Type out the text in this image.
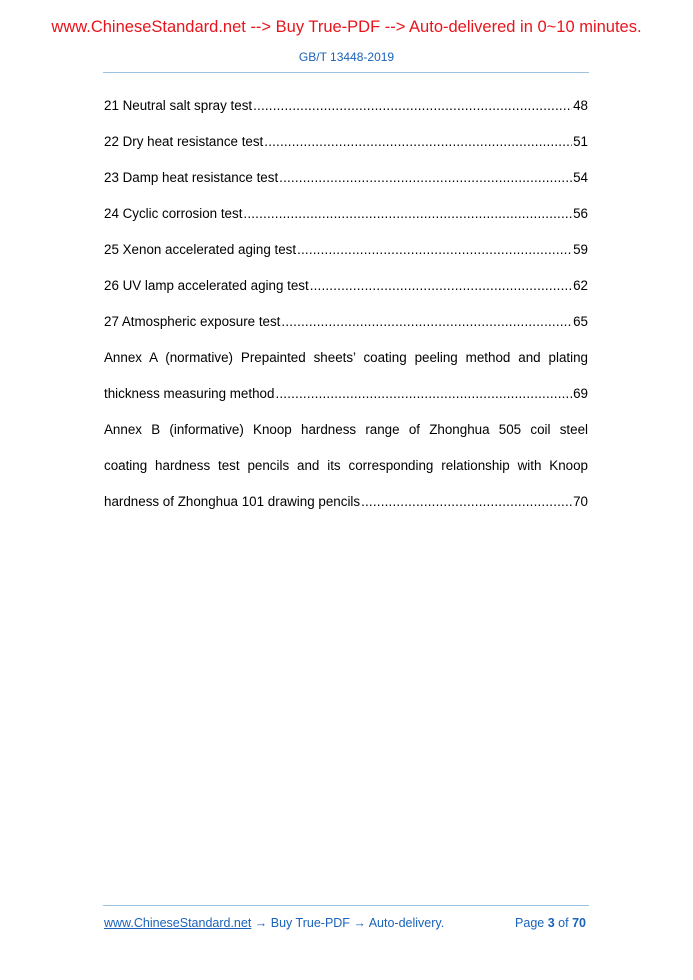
www.ChineseStandard.net --> Buy True-PDF --> Auto-delivered in 0~10 minutes.
GB/T 13448-2019
21 Neutral salt spray test .....	48
22 Dry heat resistance test .....	51
23 Damp heat resistance test .....	54
24 Cyclic corrosion test .....	56
25 Xenon accelerated aging test .....	59
26 UV lamp accelerated aging test .....	62
27 Atmospheric exposure test .....	65
Annex A (normative) Prepainted sheets’ coating peeling method and plating
thickness measuring method .....	69
Annex B (informative) Knoop hardness range of Zhonghua 505 coil steel
coating hardness test pencils and its corresponding relationship with Knoop
hardness of Zhonghua 101 drawing pencils .....	70
www.ChineseStandard.net → Buy True-PDF → Auto-delivery.	Page 3 of 70
